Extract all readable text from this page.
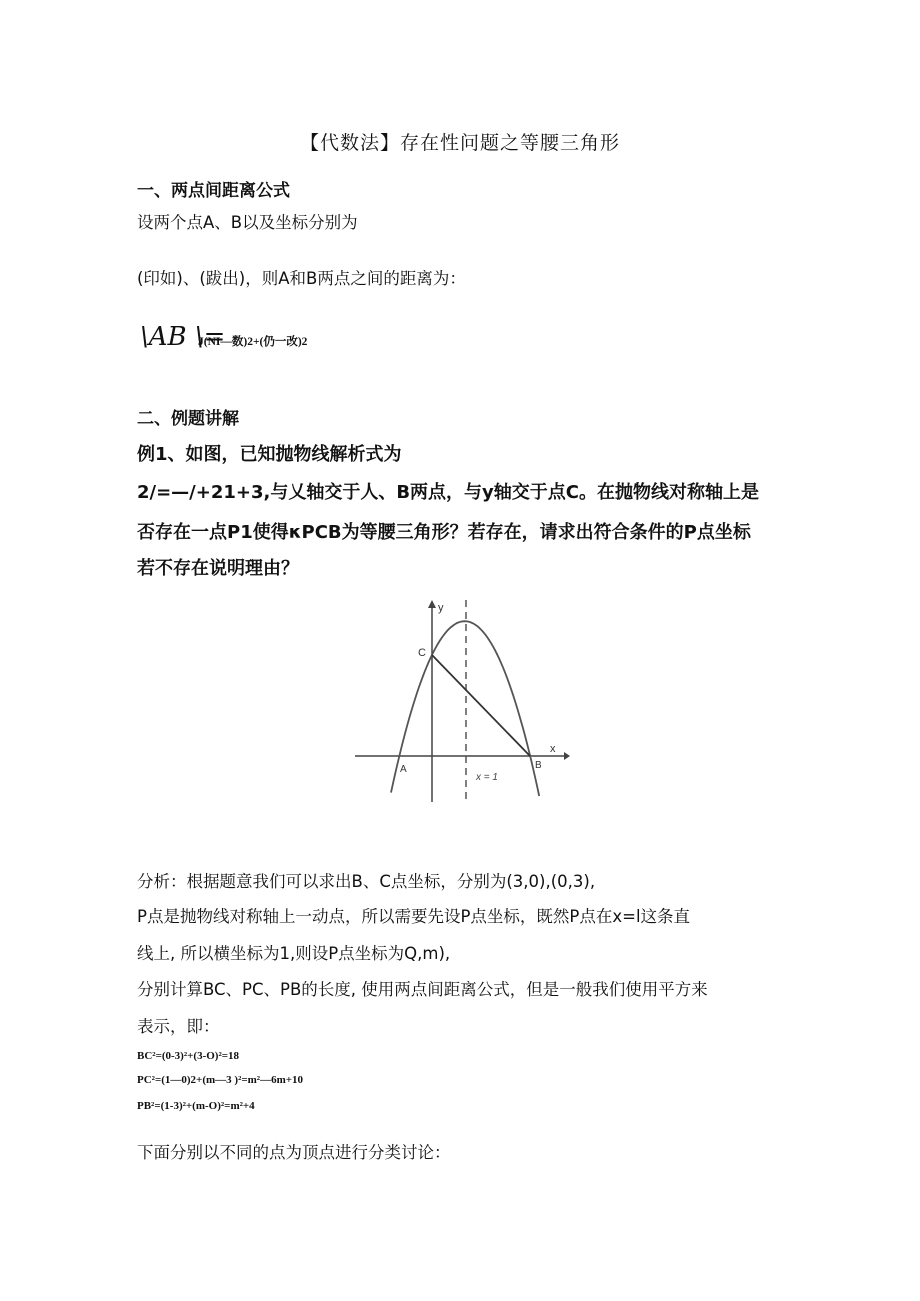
【代数法】存在性问题之等腰三角形
一、两点间距离公式
设两个点A、B以及坐标分别为
(印如)、(跋出)，则A和B两点之间的距离为：
\AB \=
J(NI—数)2+(仍一改)2
二、例题讲解
例1、如图，已知抛物线解析式为
2/=—/+21+3,与乂轴交于人、B两点，与y轴交于点C。在抛物线对称轴上是
否存在一点P1使得κPCB为等腰三角形？若存在，请求出符合条件的P点坐标
若不存在说明理由？
y
x
C
A	B
x = 1
分析：根据题意我们可以求出B、C点坐标，分别为(3,0),(0,3),
P点是抛物线对称轴上一动点，所以需要先设P点坐标，既然P点在x=l这条直
线上, 所以横坐标为1,则设P点坐标为Q,m),
分别计算BC、PC、PB的长度, 使用两点间距离公式，但是一般我们使用平方来
表示，即：
BC²=(0-3)²+(3-O)²=18
PC²=(1—0)2+(m—3 )²=m²—6m+10
PB²=(1-3)²+(m-O)²=m²+4
下面分别以不同的点为顶点进行分类讨论：
